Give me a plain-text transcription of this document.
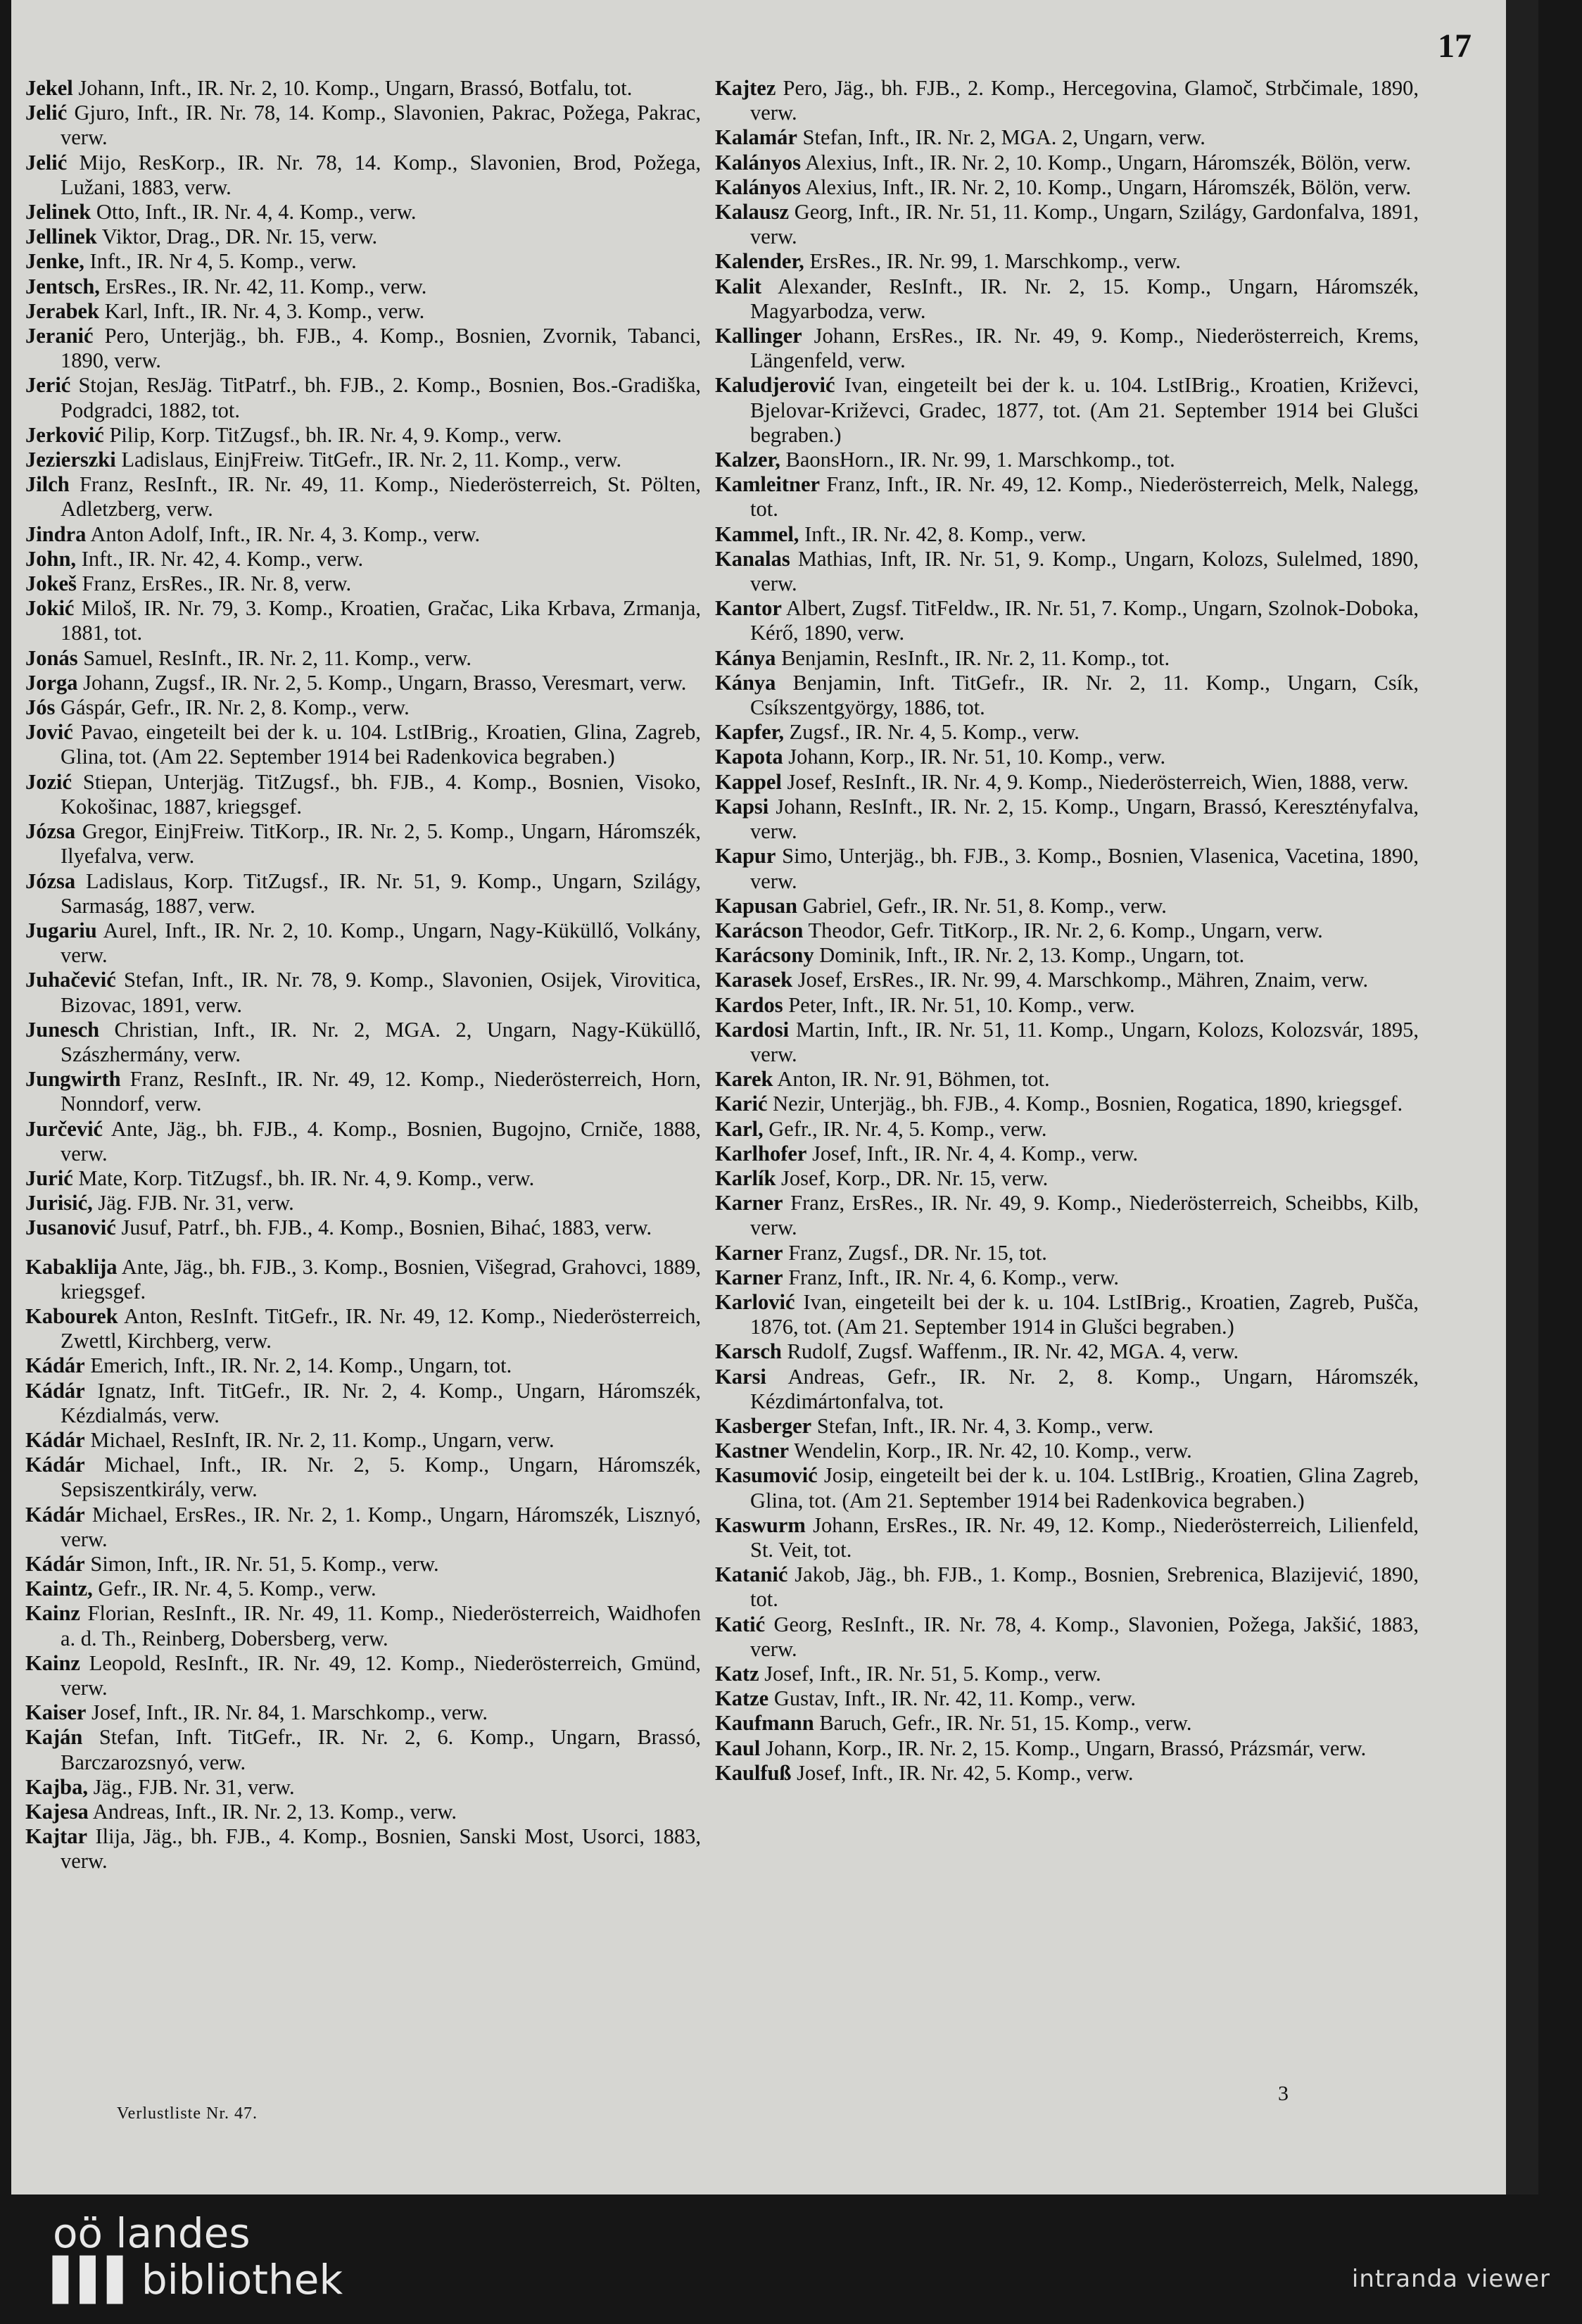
17
Jekel Johann, Inft., IR. Nr. 2, 10. Komp., Ungarn, Brassó, Botfalu, tot.
Jelić Gjuro, Inft., IR. Nr. 78, 14. Komp., Slavonien, Pakrac, Požega, Pakrac, verw.
Jelić Mijo, ResKorp., IR. Nr. 78, 14. Komp., Slavonien, Brod, Požega, Lužani, 1883, verw.
Jelinek Otto, Inft., IR. Nr. 4, 4. Komp., verw.
Jellinek Viktor, Drag., DR. Nr. 15, verw.
Jenke, Inft., IR. Nr 4, 5. Komp., verw.
Jentsch, ErsRes., IR. Nr. 42, 11. Komp., verw.
Jerabek Karl, Inft., IR. Nr. 4, 3. Komp., verw.
Jeranić Pero, Unterjäg., bh. FJB., 4. Komp., Bosnien, Zvornik, Tabanci, 1890, verw.
Jerić Stojan, ResJäg. TitPatrf., bh. FJB., 2. Komp., Bosnien, Bos.-Gradiška, Podgradci, 1882, tot.
Jerković Pilip, Korp. TitZugsf., bh. IR. Nr. 4, 9. Komp., verw.
Jezierszki Ladislaus, EinjFreiw. TitGefr., IR. Nr. 2, 11. Komp., verw.
Jilch Franz, ResInft., IR. Nr. 49, 11. Komp., Niederösterreich, St. Pölten, Adletzberg, verw.
Jindra Anton Adolf, Inft., IR. Nr. 4, 3. Komp., verw.
John, Inft., IR. Nr. 42, 4. Komp., verw.
Jokeš Franz, ErsRes., IR. Nr. 8, verw.
Jokić Miloš, IR. Nr. 79, 3. Komp., Kroatien, Gračac, Lika Krbava, Zrmanja, 1881, tot.
Jonás Samuel, ResInft., IR. Nr. 2, 11. Komp., verw.
Jorga Johann, Zugsf., IR. Nr. 2, 5. Komp., Ungarn, Brasso, Veresmart, verw.
Jós Gáspár, Gefr., IR. Nr. 2, 8. Komp., verw.
Jović Pavao, eingeteilt bei der k. u. 104. LstIBrig., Kroatien, Glina, Zagreb, Glina, tot. (Am 22. September 1914 bei Radenkovica begraben.)
Jozić Stiepan, Unterjäg. TitZugsf., bh. FJB., 4. Komp., Bosnien, Visoko, Kokošinac, 1887, kriegsgef.
Józsa Gregor, EinjFreiw. TitKorp., IR. Nr. 2, 5. Komp., Ungarn, Háromszék, Ilyefalva, verw.
Józsa Ladislaus, Korp. TitZugsf., IR. Nr. 51, 9. Komp., Ungarn, Szilágy, Sarmaság, 1887, verw.
Jugariu Aurel, Inft., IR. Nr. 2, 10. Komp., Ungarn, Nagy-Küküllő, Volkány, verw.
Juhačević Stefan, Inft., IR. Nr. 78, 9. Komp., Slavonien, Osijek, Virovitica, Bizovac, 1891, verw.
Junesch Christian, Inft., IR. Nr. 2, MGA. 2, Ungarn, Nagy-Küküllő, Szászhermány, verw.
Jungwirth Franz, ResInft., IR. Nr. 49, 12. Komp., Niederösterreich, Horn, Nonndorf, verw.
Jurčević Ante, Jäg., bh. FJB., 4. Komp., Bosnien, Bugojno, Crniče, 1888, verw.
Jurić Mate, Korp. TitZugsf., bh. IR. Nr. 4, 9. Komp., verw.
Jurisić, Jäg. FJB. Nr. 31, verw.
Jusanović Jusuf, Patrf., bh. FJB., 4. Komp., Bosnien, Bihać, 1883, verw.
Kabaklija Ante, Jäg., bh. FJB., 3. Komp., Bosnien, Višegrad, Grahovci, 1889, kriegsgef.
Kabourek Anton, ResInft. TitGefr., IR. Nr. 49, 12. Komp., Niederösterreich, Zwettl, Kirchberg, verw.
Kádár Emerich, Inft., IR. Nr. 2, 14. Komp., Ungarn, tot.
Kádár Ignatz, Inft. TitGefr., IR. Nr. 2, 4. Komp., Ungarn, Háromszék, Kézdialmás, verw.
Kádár Michael, ResInft, IR. Nr. 2, 11. Komp., Ungarn, verw.
Kádár Michael, Inft., IR. Nr. 2, 5. Komp., Ungarn, Háromszék, Sepsiszentkirály, verw.
Kádár Michael, ErsRes., IR. Nr. 2, 1. Komp., Ungarn, Háromszék, Lisznyó, verw.
Kádár Simon, Inft., IR. Nr. 51, 5. Komp., verw.
Kaintz, Gefr., IR. Nr. 4, 5. Komp., verw.
Kainz Florian, ResInft., IR. Nr. 49, 11. Komp., Niederösterreich, Waidhofen a. d. Th., Reinberg, Dobersberg, verw.
Kainz Leopold, ResInft., IR. Nr. 49, 12. Komp., Niederösterreich, Gmünd, verw.
Kaiser Josef, Inft., IR. Nr. 84, 1. Marschkomp., verw.
Kaján Stefan, Inft. TitGefr., IR. Nr. 2, 6. Komp., Ungarn, Brassó, Barczarozsnyó, verw.
Kajba, Jäg., FJB. Nr. 31, verw.
Kajesa Andreas, Inft., IR. Nr. 2, 13. Komp., verw.
Kajtar Ilija, Jäg., bh. FJB., 4. Komp., Bosnien, Sanski Most, Usorci, 1883, verw.
Kajtez Pero, Jäg., bh. FJB., 2. Komp., Hercegovina, Glamoč, Strbčimale, 1890, verw.
Kalamár Stefan, Inft., IR. Nr. 2, MGA. 2, Ungarn, verw.
Kalányos Alexius, Inft., IR. Nr. 2, 10. Komp., Ungarn, Háromszék, Bölön, verw.
Kalányos Alexius, Inft., IR. Nr. 2, 10. Komp., Ungarn, Háromszék, Bölön, verw.
Kalausz Georg, Inft., IR. Nr. 51, 11. Komp., Ungarn, Szilágy, Gardonfalva, 1891, verw.
Kalender, ErsRes., IR. Nr. 99, 1. Marschkomp., verw.
Kalit Alexander, ResInft., IR. Nr. 2, 15. Komp., Ungarn, Háromszék, Magyarbodza, verw.
Kallinger Johann, ErsRes., IR. Nr. 49, 9. Komp., Niederösterreich, Krems, Längenfeld, verw.
Kaludjerović Ivan, eingeteilt bei der k. u. 104. LstIBrig., Kroatien, Križevci, Bjelovar-Križevci, Gradec, 1877, tot. (Am 21. September 1914 bei Glušci begraben.)
Kalzer, BaonsHorn., IR. Nr. 99, 1. Marschkomp., tot.
Kamleitner Franz, Inft., IR. Nr. 49, 12. Komp., Niederösterreich, Melk, Nalegg, tot.
Kammel, Inft., IR. Nr. 42, 8. Komp., verw.
Kanalas Mathias, Inft, IR. Nr. 51, 9. Komp., Ungarn, Kolozs, Sulelmed, 1890, verw.
Kantor Albert, Zugsf. TitFeldw., IR. Nr. 51, 7. Komp., Ungarn, Szolnok-Doboka, Kérő, 1890, verw.
Kánya Benjamin, ResInft., IR. Nr. 2, 11. Komp., tot.
Kánya Benjamin, Inft. TitGefr., IR. Nr. 2, 11. Komp., Ungarn, Csík, Csíkszentgyörgy, 1886, tot.
Kapfer, Zugsf., IR. Nr. 4, 5. Komp., verw.
Kapota Johann, Korp., IR. Nr. 51, 10. Komp., verw.
Kappel Josef, ResInft., IR. Nr. 4, 9. Komp., Niederösterreich, Wien, 1888, verw.
Kapsi Johann, ResInft., IR. Nr. 2, 15. Komp., Ungarn, Brassó, Keresztényfalva, verw.
Kapur Simo, Unterjäg., bh. FJB., 3. Komp., Bosnien, Vlasenica, Vacetina, 1890, verw.
Kapusan Gabriel, Gefr., IR. Nr. 51, 8. Komp., verw.
Karácson Theodor, Gefr. TitKorp., IR. Nr. 2, 6. Komp., Ungarn, verw.
Karácsony Dominik, Inft., IR. Nr. 2, 13. Komp., Ungarn, tot.
Karasek Josef, ErsRes., IR. Nr. 99, 4. Marschkomp., Mähren, Znaim, verw.
Kardos Peter, Inft., IR. Nr. 51, 10. Komp., verw.
Kardosi Martin, Inft., IR. Nr. 51, 11. Komp., Ungarn, Kolozs, Kolozsvár, 1895, verw.
Karek Anton, IR. Nr. 91, Böhmen, tot.
Karić Nezir, Unterjäg., bh. FJB., 4. Komp., Bosnien, Rogatica, 1890, kriegsgef.
Karl, Gefr., IR. Nr. 4, 5. Komp., verw.
Karlhofer Josef, Inft., IR. Nr. 4, 4. Komp., verw.
Karlík Josef, Korp., DR. Nr. 15, verw.
Karner Franz, ErsRes., IR. Nr. 49, 9. Komp., Niederösterreich, Scheibbs, Kilb, verw.
Karner Franz, Zugsf., DR. Nr. 15, tot.
Karner Franz, Inft., IR. Nr. 4, 6. Komp., verw.
Karlović Ivan, eingeteilt bei der k. u. 104. LstIBrig., Kroatien, Zagreb, Pušča, 1876, tot. (Am 21. September 1914 in Glušci begraben.)
Karsch Rudolf, Zugsf. Waffenm., IR. Nr. 42, MGA. 4, verw.
Karsi Andreas, Gefr., IR. Nr. 2, 8. Komp., Ungarn, Háromszék, Kézdimártonfalva, tot.
Kasberger Stefan, Inft., IR. Nr. 4, 3. Komp., verw.
Kastner Wendelin, Korp., IR. Nr. 42, 10. Komp., verw.
Kasumović Josip, eingeteilt bei der k. u. 104. LstIBrig., Kroatien, Glina Zagreb, Glina, tot. (Am 21. September 1914 bei Radenkovica begraben.)
Kaswurm Johann, ErsRes., IR. Nr. 49, 12. Komp., Niederösterreich, Lilienfeld, St. Veit, tot.
Katanić Jakob, Jäg., bh. FJB., 1. Komp., Bosnien, Srebrenica, Blazijević, 1890, tot.
Katić Georg, ResInft., IR. Nr. 78, 4. Komp., Slavonien, Požega, Jakšić, 1883, verw.
Katz Josef, Inft., IR. Nr. 51, 5. Komp., verw.
Katze Gustav, Inft., IR. Nr. 42, 11. Komp., verw.
Kaufmann Baruch, Gefr., IR. Nr. 51, 15. Komp., verw.
Kaul Johann, Korp., IR. Nr. 2, 15. Komp., Ungarn, Brassó, Prázsmár, verw.
Kaulfuß Josef, Inft., IR. Nr. 42, 5. Komp., verw.
Verlustliste Nr. 47.
3
oö landes
▌▌▌ bibliothek	intranda viewer
